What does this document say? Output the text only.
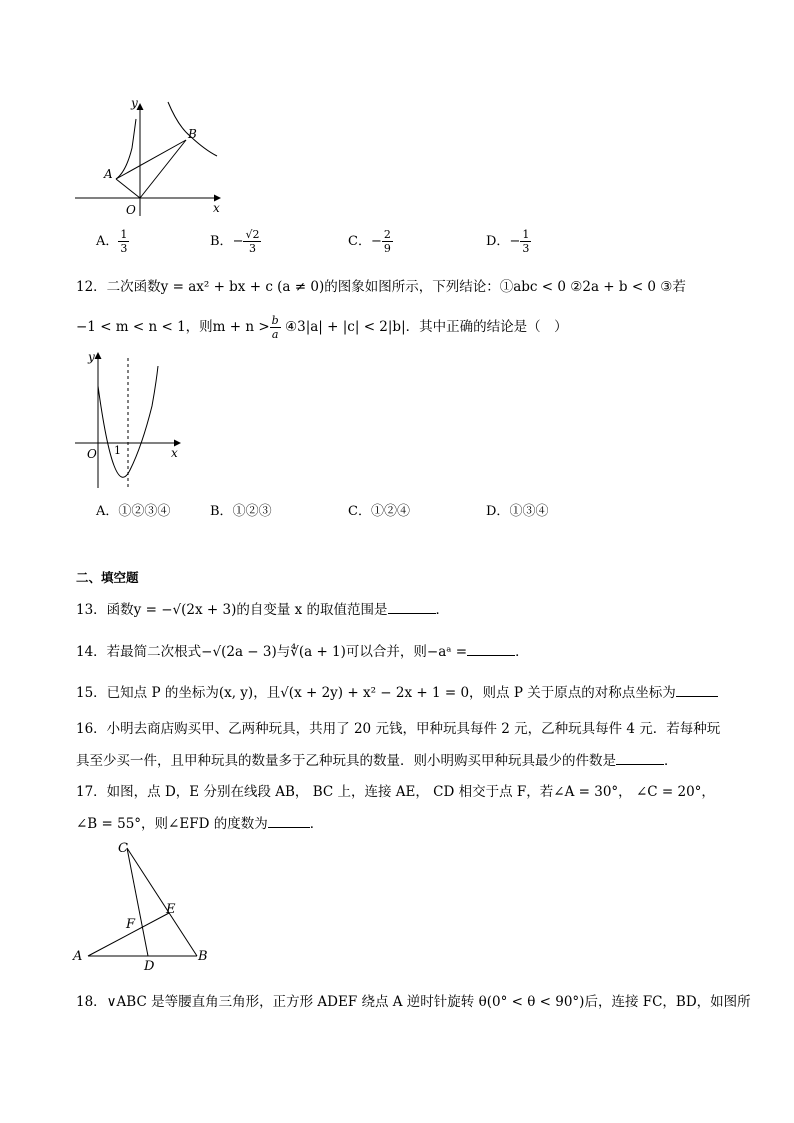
y
x
O
A
B
A． $\frac{1}{3}$	B．− $\frac{√2}{3}$	C．− $\frac{2}{9}$	D．− $\frac{1}{3}$
12．二次函数y = ax² + bx + c (a ≠ 0)的图象如图所示，下列结论：①abc < 0 ②2a + b < 0 ③若
−1 < m < n < 1，则$m + n > \frac{b}{a}$ ④3|a| + |c| < 2|b|．其中正确的结论是（　）
y
x
O 1
A．①②③④	B．①②③	C．①②④	D．①③④
二、填空题
13．函数y = −√(2x + 3)的自变量 x 的取值范围是	．
14．若最简二次根式−√(2a − 3)与∜(a + 1)可以合并，则−aᵃ =	．
15．已知点 P 的坐标为(x, y)，且√(x + 2y) + x² − 2x + 1 = 0，则点 P 关于原点的对称点坐标为
16．小明去商店购买甲、乙两种玩具，共用了 20 元钱，甲种玩具每件 2 元，乙种玩具每件 4 元．若每种玩
具至少买一件，且甲种玩具的数量多于乙种玩具的数量．则小明购买甲种玩具最少的件数是	．
17．如图，点 D，E 分别在线段 AB， BC 上，连接 AE， CD 相交于点 F，若∠A = 30°， ∠C = 20°，
∠B = 55°，则∠EFD 的度数为	．
C
E
F
A	B
D
18．∨ABC 是等腰直角三角形，正方形 ADEF 绕点 A 逆时针旋转 θ(0° < θ < 90°)后，连接 FC，BD，如图所
